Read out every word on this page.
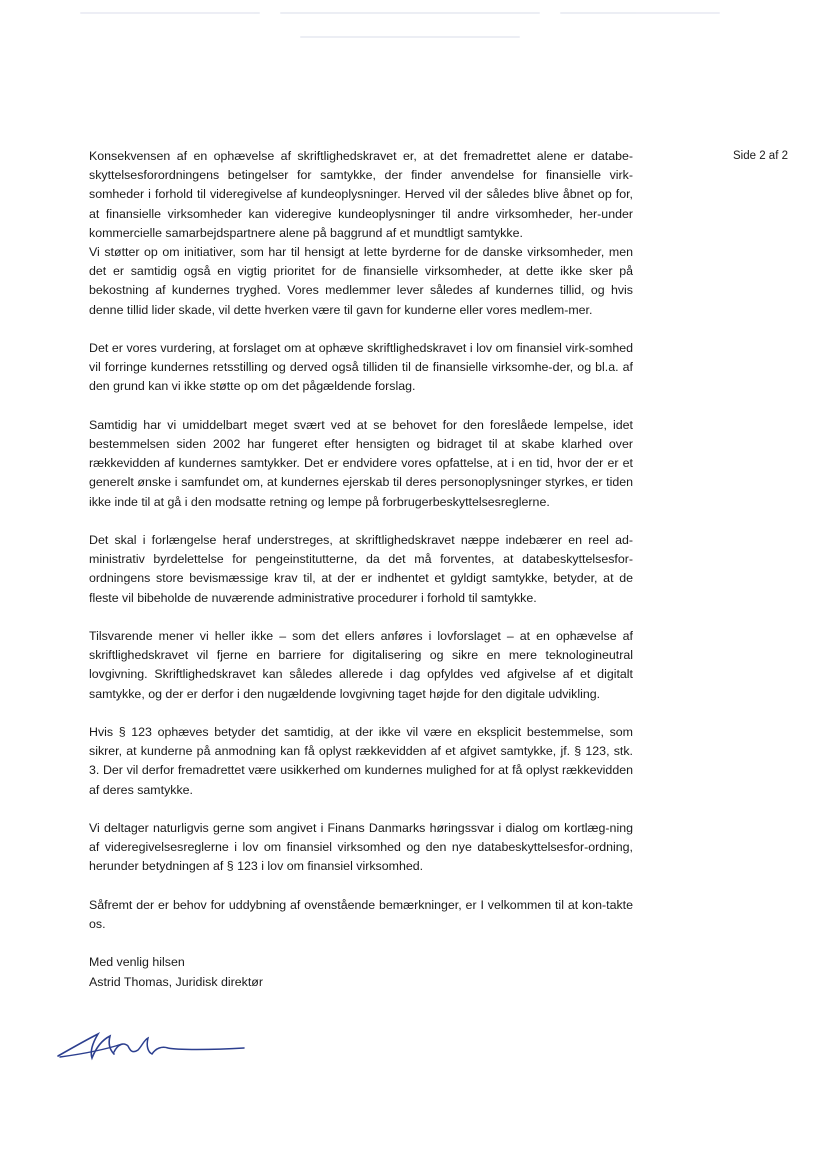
Side 2 af 2

Konsekvensen af en ophævelse af skriftlighedskravet er, at det fremadrettet alene er databe-skyttelsesforordningens betingelser for samtykke, der finder anvendelse for finansielle virk-somheder i forhold til videregivelse af kundeoplysninger. Herved vil der således blive åbnet op for, at finansielle virksomheder kan videregive kundeoplysninger til andre virksomheder, her-under kommercielle samarbejdspartnere alene på baggrund af et mundtligt samtykke.

Vi støtter op om initiativer, som har til hensigt at lette byrderne for de danske virksomheder, men det er samtidig også en vigtig prioritet for de finansielle virksomheder, at dette ikke sker på bekostning af kundernes tryghed. Vores medlemmer lever således af kundernes tillid, og hvis denne tillid lider skade, vil dette hverken være til gavn for kunderne eller vores medlem-mer.

Det er vores vurdering, at forslaget om at ophæve skriftlighedskravet i lov om finansiel virk-somhed vil forringe kundernes retsstilling og derved også tilliden til de finansielle virksomhe-der, og bl.a. af den grund kan vi ikke støtte op om det pågældende forslag.

Samtidig har vi umiddelbart meget svært ved at se behovet for den foreslåede lempelse, idet bestemmelsen siden 2002 har fungeret efter hensigten og bidraget til at skabe klarhed over rækkevidden af kundernes samtykker. Det er endvidere vores opfattelse, at i en tid, hvor der er et generelt ønske i samfundet om, at kundernes ejerskab til deres personoplysninger styrkes, er tiden ikke inde til at gå i den modsatte retning og lempe på forbrugerbeskyttelsesreglerne.

Det skal i forlængelse heraf understreges, at skriftlighedskravet næppe indebærer en reel ad-ministrativ byrdelettelse for pengeinstitutterne, da det må forventes, at databeskyttelsesfor-ordningens store bevismæssige krav til, at der er indhentet et gyldigt samtykke, betyder, at de fleste vil bibeholde de nuværende administrative procedurer i forhold til samtykke.

Tilsvarende mener vi heller ikke – som det ellers anføres i lovforslaget – at en ophævelse af skriftlighedskravet vil fjerne en barriere for digitalisering og sikre en mere teknologineutral lovgivning. Skriftlighedskravet kan således allerede i dag opfyldes ved afgivelse af et digitalt samtykke, og der er derfor i den nugældende lovgivning taget højde for den digitale udvikling.

Hvis § 123 ophæves betyder det samtidig, at der ikke vil være en eksplicit bestemmelse, som sikrer, at kunderne på anmodning kan få oplyst rækkevidden af et afgivet samtykke, jf. § 123, stk. 3. Der vil derfor fremadrettet være usikkerhed om kundernes mulighed for at få oplyst rækkevidden af deres samtykke.

Vi deltager naturligvis gerne som angivet i Finans Danmarks høringssvar i dialog om kortlæg-ning af videregivelsesreglerne i lov om finansiel virksomhed og den nye databeskyttelsesfor-ordning, herunder betydningen af § 123 i lov om finansiel virksomhed.

Såfremt der er behov for uddybning af ovenstående bemærkninger, er I velkommen til at kon-takte os.

Med venlig hilsen

Astrid Thomas, Juridisk direktør
